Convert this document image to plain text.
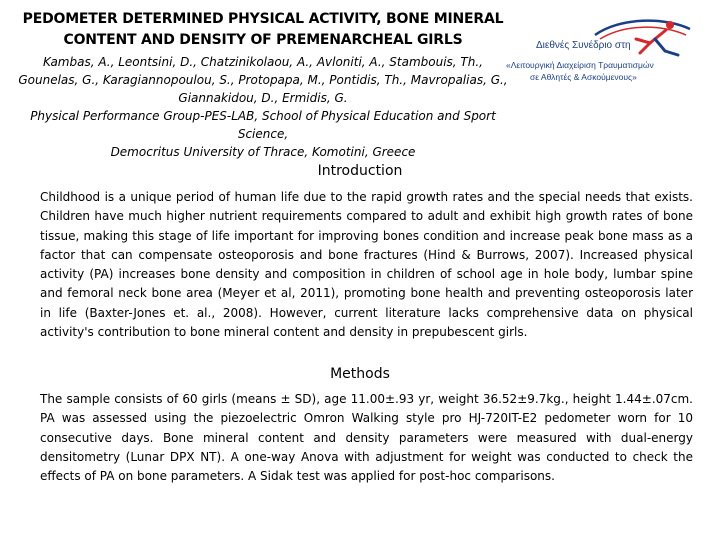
PEDOMETER DETERMINED PHYSICAL ACTIVITY, BONE MINERAL CONTENT AND DENSITY OF PREMENARCHEAL GIRLS
Kambas, A., Leontsini, D., Chatzinikolaou, A., Avloniti, A., Stambouis, Th., Gounelas, G., Karagiannopoulou, S., Protopapa, M., Pontidis, Th., Mavropalias, G., Giannakidou, D., Ermidis, G.
Physical Performance Group-PES-LAB, School of Physical Education and Sport Science,
Democritus University of Thrace, Komotini, Greece
Διεθνές Συνέδριο στη
«Λειτουργική Διαχείριση Τραυματισμών
σε Αθλητές & Ασκούμενους»
Introduction

Childhood is a unique period of human life due to the rapid growth rates and the special needs that exists. Children have much higher nutrient requirements compared to adult and exhibit high growth rates of bone tissue, making this stage of life important for improving bones condition and increase peak bone mass as a factor that can compensate osteoporosis and bone fractures (Hind & Burrows, 2007). Increased physical activity (PA) increases bone density and composition in children of school age in hole body, lumbar spine and femoral neck bone area (Meyer et al, 2011), promoting bone health and preventing osteoporosis later in life (Baxter-Jones et. al., 2008). However, current literature lacks comprehensive data on physical activity's contribution to bone mineral content and density in prepubescent girls.

Methods

The sample consists of 60 girls (means ± SD), age 11.00±.93 yr, weight 36.52±9.7kg., height 1.44±.07cm. PA was assessed using the piezoelectric Omron Walking style pro HJ-720IT-E2 pedometer worn for 10 consecutive days. Bone mineral content and density parameters were measured with dual-energy densitometry (Lunar DPX NT). A one-way Anova with adjustment for weight was conducted to check the effects of PA on bone parameters. A Sidak test was applied for post-hoc comparisons.
